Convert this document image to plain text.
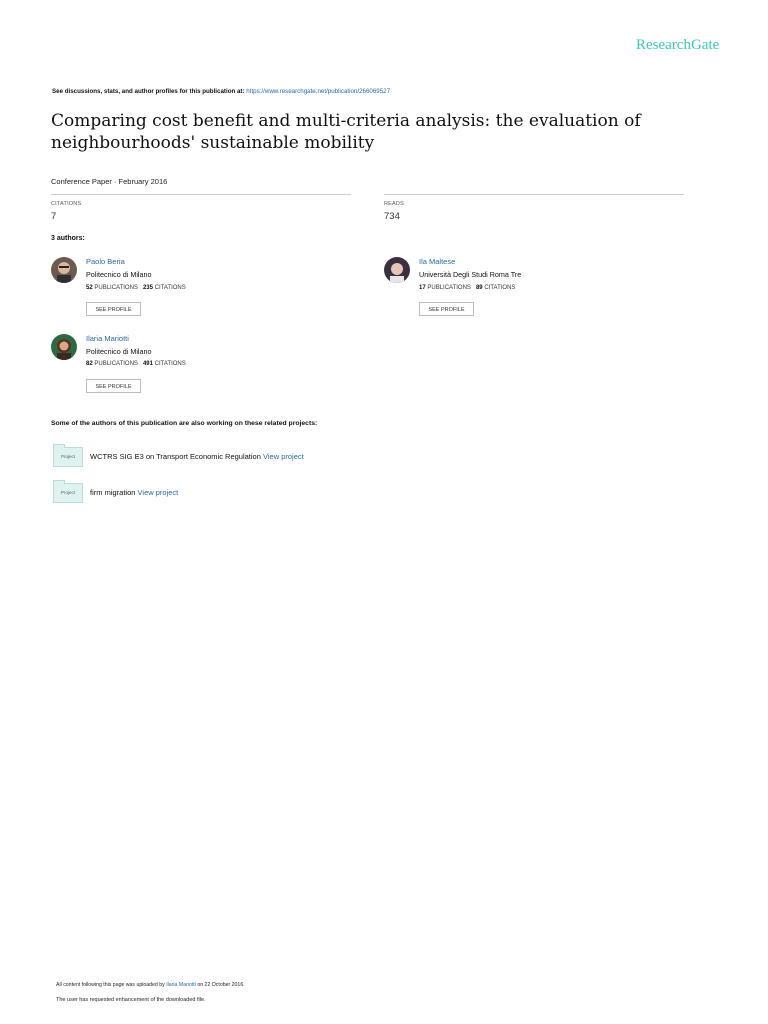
ResearchGate
See discussions, stats, and author profiles for this publication at: https://www.researchgate.net/publication/266069527
Comparing cost benefit and multi-criteria analysis: the evaluation of
neighbourhoods' sustainable mobility
Conference Paper · February 2016
CITATIONS
7
READS
734
3 authors:
Paolo Beria
Politecnico di Milano
52 PUBLICATIONS 235 CITATIONS
SEE PROFILE
Ila Maltese
Università Degli Studi Roma Tre
17 PUBLICATIONS 89 CITATIONS
SEE PROFILE
Ilaria Mariotti
Politecnico di Milano
82 PUBLICATIONS 491 CITATIONS
SEE PROFILE
Some of the authors of this publication are also working on these related projects:
Project	WCTRS SIG E3 on Transport Economic Regulation View project
Project	firm migration View project
All content following this page was uploaded by Ilaria Mariotti on 22 October 2016.
The user has requested enhancement of the downloaded file.
